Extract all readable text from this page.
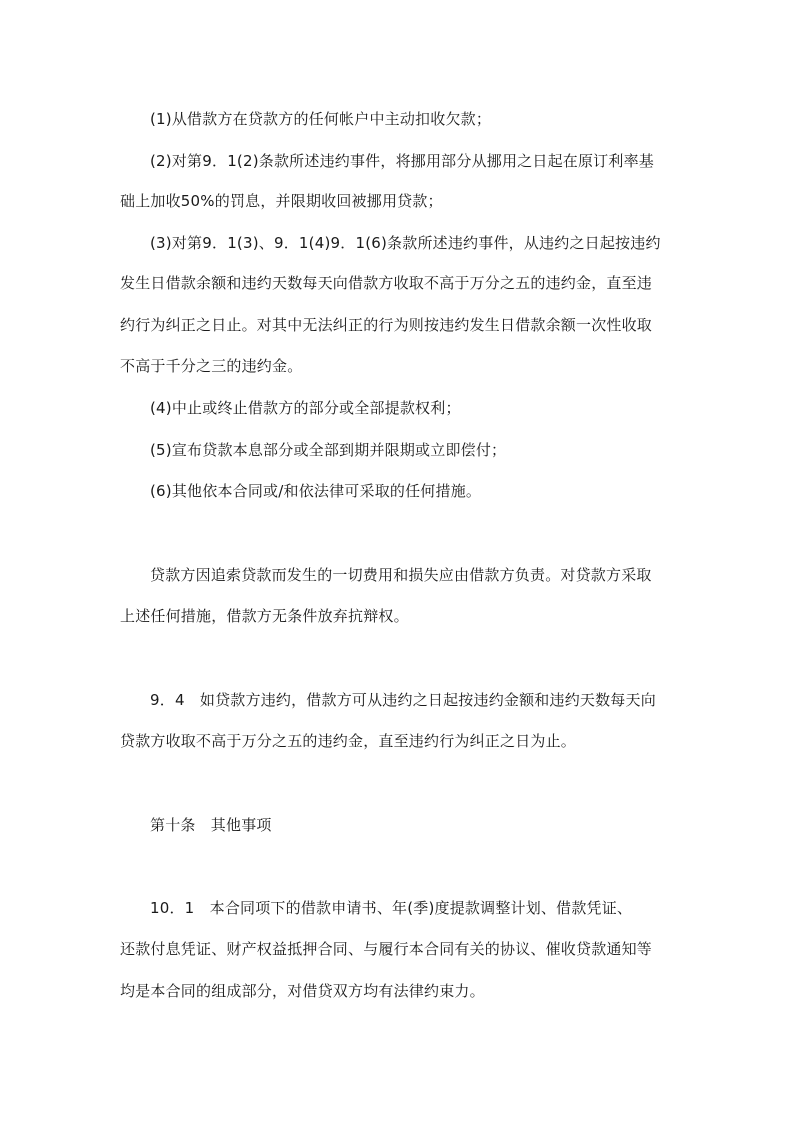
(1)从借款方在贷款方的任何帐户中主动扣收欠款；
(2)对第9．1(2)条款所述违约事件，将挪用部分从挪用之日起在原订利率基
础上加收50%的罚息，并限期收回被挪用贷款；
(3)对第9．1(3)、9．1(4)9．1(6)条款所述违约事件，从违约之日起按违约
发生日借款余额和违约天数每天向借款方收取不高于万分之五的违约金，直至违
约行为纠正之日止。对其中无法纠正的行为则按违约发生日借款余额一次性收取
不高于千分之三的违约金。
(4)中止或终止借款方的部分或全部提款权利；
(5)宣布贷款本息部分或全部到期并限期或立即偿付；
(6)其他依本合同或/和依法律可采取的任何措施。
贷款方因追索贷款而发生的一切费用和损失应由借款方负责。对贷款方采取
上述任何措施，借款方无条件放弃抗辩权。
9．4　如贷款方违约，借款方可从违约之日起按违约金额和违约天数每天向
贷款方收取不高于万分之五的违约金，直至违约行为纠正之日为止。
第十条　其他事项
10．1　本合同项下的借款申请书、年(季)度提款调整计划、借款凭证、
还款付息凭证、财产权益抵押合同、与履行本合同有关的协议、催收贷款通知等
均是本合同的组成部分，对借贷双方均有法律约束力。
